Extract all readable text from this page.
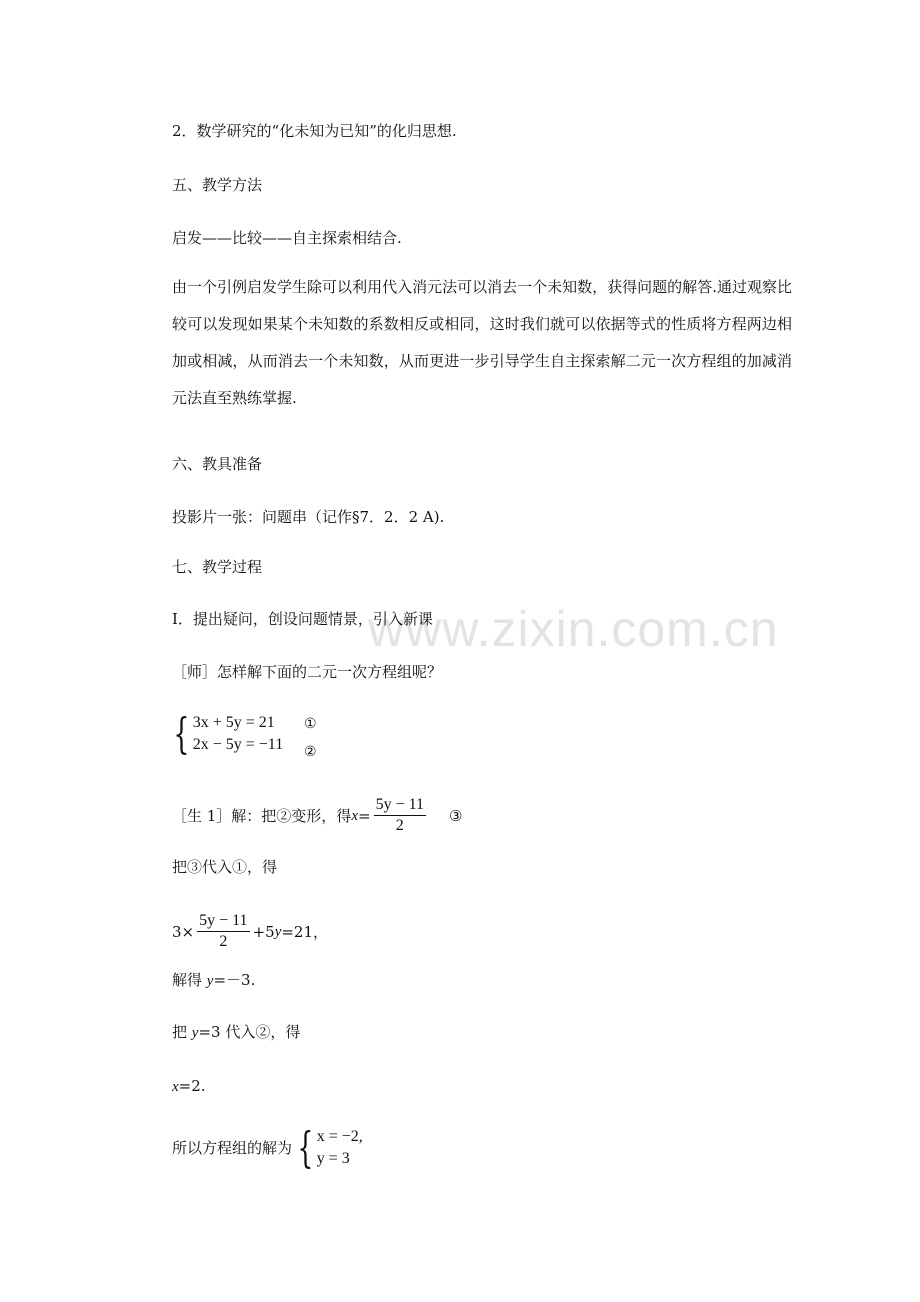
www.zixin.com.cn
2．数学研究的“化未知为已知”的化归思想.
五、教学方法
启发——比较——自主探索相结合.
由一个引例启发学生除可以利用代入消元法可以消去一个未知数，获得问题的解答.通过观察比较可以发现如果某个未知数的系数相反或相同，这时我们就可以依据等式的性质将方程两边相加或相减，从而消去一个未知数，从而更进一步引导学生自主探索解二元一次方程组的加减消元法直至熟练掌握.
六、教具准备
投影片一张：问题串（记作§7．2．2 A).
七、教学过程
Ⅰ．提出疑问，创设问题情景，引入新课
［师］怎样解下面的二元一次方程组呢？
{ 3x + 5y = 21
2x − 5y = −11
①
②
［生 1］解：把②变形，得 $x = \frac{5y - 11}{2}$ ③
把③代入①，得
$3\times \frac{5y - 11}{2} +5$ y =21，
解得 y=－3.
把 y=3 代入②，得
x=2.
所以方程组的解为 { x = −2,
y = 3
